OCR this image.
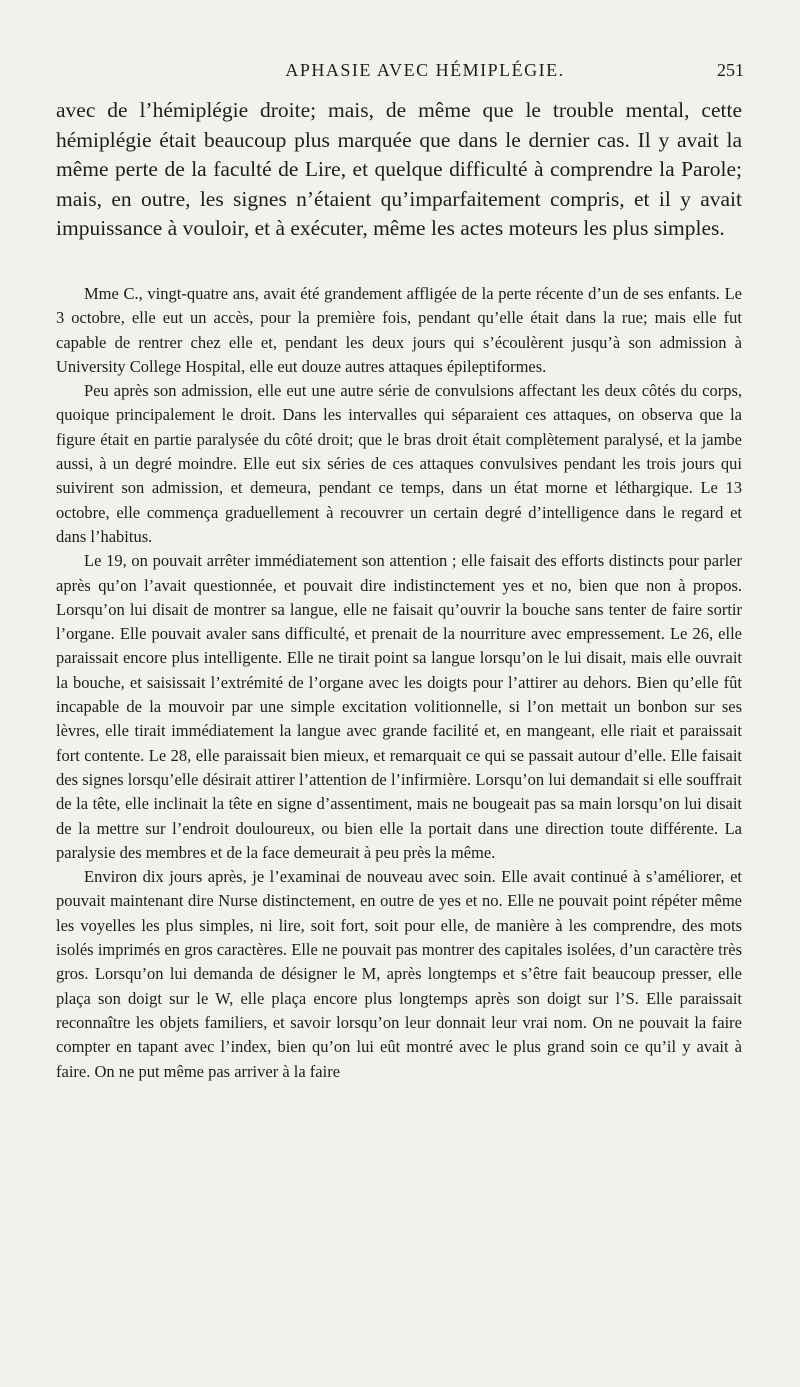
APHASIE AVEC HÉMIPLÉGIE.	251

avec de l’hémiplégie droite; mais, de même que le trouble mental, cette hémiplégie était beaucoup plus marquée que dans le dernier cas. Il y avait la même perte de la faculté de Lire, et quelque difficulté à comprendre la Parole; mais, en outre, les signes n’étaient qu’imparfaitement compris, et il y avait impuissance à vouloir, et à exécuter, même les actes moteurs les plus simples.

Mme C., vingt-quatre ans, avait été grandement affligée de la perte récente d’un de ses enfants. Le 3 octobre, elle eut un accès, pour la première fois, pendant qu’elle était dans la rue; mais elle fut capable de rentrer chez elle et, pendant les deux jours qui s’écoulèrent jusqu’à son admission à University College Hospital, elle eut douze autres attaques épileptiformes.

Peu après son admission, elle eut une autre série de convulsions affectant les deux côtés du corps, quoique principalement le droit. Dans les intervalles qui séparaient ces attaques, on observa que la figure était en partie paralysée du côté droit; que le bras droit était complètement paralysé, et la jambe aussi, à un degré moindre. Elle eut six séries de ces attaques convulsives pendant les trois jours qui suivirent son admission, et demeura, pendant ce temps, dans un état morne et léthargique. Le 13 octobre, elle commença graduellement à recouvrer un certain degré d’intelligence dans le regard et dans l’habitus.

Le 19, on pouvait arrêter immédiatement son attention ; elle faisait des efforts distincts pour parler après qu’on l’avait questionnée, et pouvait dire indistinctement yes et no, bien que non à propos. Lorsqu’on lui disait de montrer sa langue, elle ne faisait qu’ouvrir la bouche sans tenter de faire sortir l’organe. Elle pouvait avaler sans difficulté, et prenait de la nourriture avec empressement. Le 26, elle paraissait encore plus intelligente. Elle ne tirait point sa langue lorsqu’on le lui disait, mais elle ouvrait la bouche, et saisissait l’extrémité de l’organe avec les doigts pour l’attirer au dehors. Bien qu’elle fût incapable de la mouvoir par une simple excitation volitionnelle, si l’on mettait un bonbon sur ses lèvres, elle tirait immédiatement la langue avec grande facilité et, en mangeant, elle riait et paraissait fort contente. Le 28, elle paraissait bien mieux, et remarquait ce qui se passait autour d’elle. Elle faisait des signes lorsqu’elle désirait attirer l’attention de l’infirmière. Lorsqu’on lui demandait si elle souffrait de la tête, elle inclinait la tête en signe d’assentiment, mais ne bougeait pas sa main lorsqu’on lui disait de la mettre sur l’endroit douloureux, ou bien elle la portait dans une direction toute différente. La paralysie des membres et de la face demeurait à peu près la même.

Environ dix jours après, je l’examinai de nouveau avec soin. Elle avait continué à s’améliorer, et pouvait maintenant dire Nurse distinctement, en outre de yes et no. Elle ne pouvait point répéter même les voyelles les plus simples, ni lire, soit fort, soit pour elle, de manière à les comprendre, des mots isolés imprimés en gros caractères. Elle ne pouvait pas montrer des capitales isolées, d’un caractère très gros. Lorsqu’on lui demanda de désigner le M, après longtemps et s’être fait beaucoup presser, elle plaça son doigt sur le W, elle plaça encore plus longtemps après son doigt sur l’S. Elle paraissait reconnaître les objets familiers, et savoir lorsqu’on leur donnait leur vrai nom. On ne pouvait la faire compter en tapant avec l’index, bien qu’on lui eût montré avec le plus grand soin ce qu’il y avait à faire. On ne put même pas arriver à la faire
